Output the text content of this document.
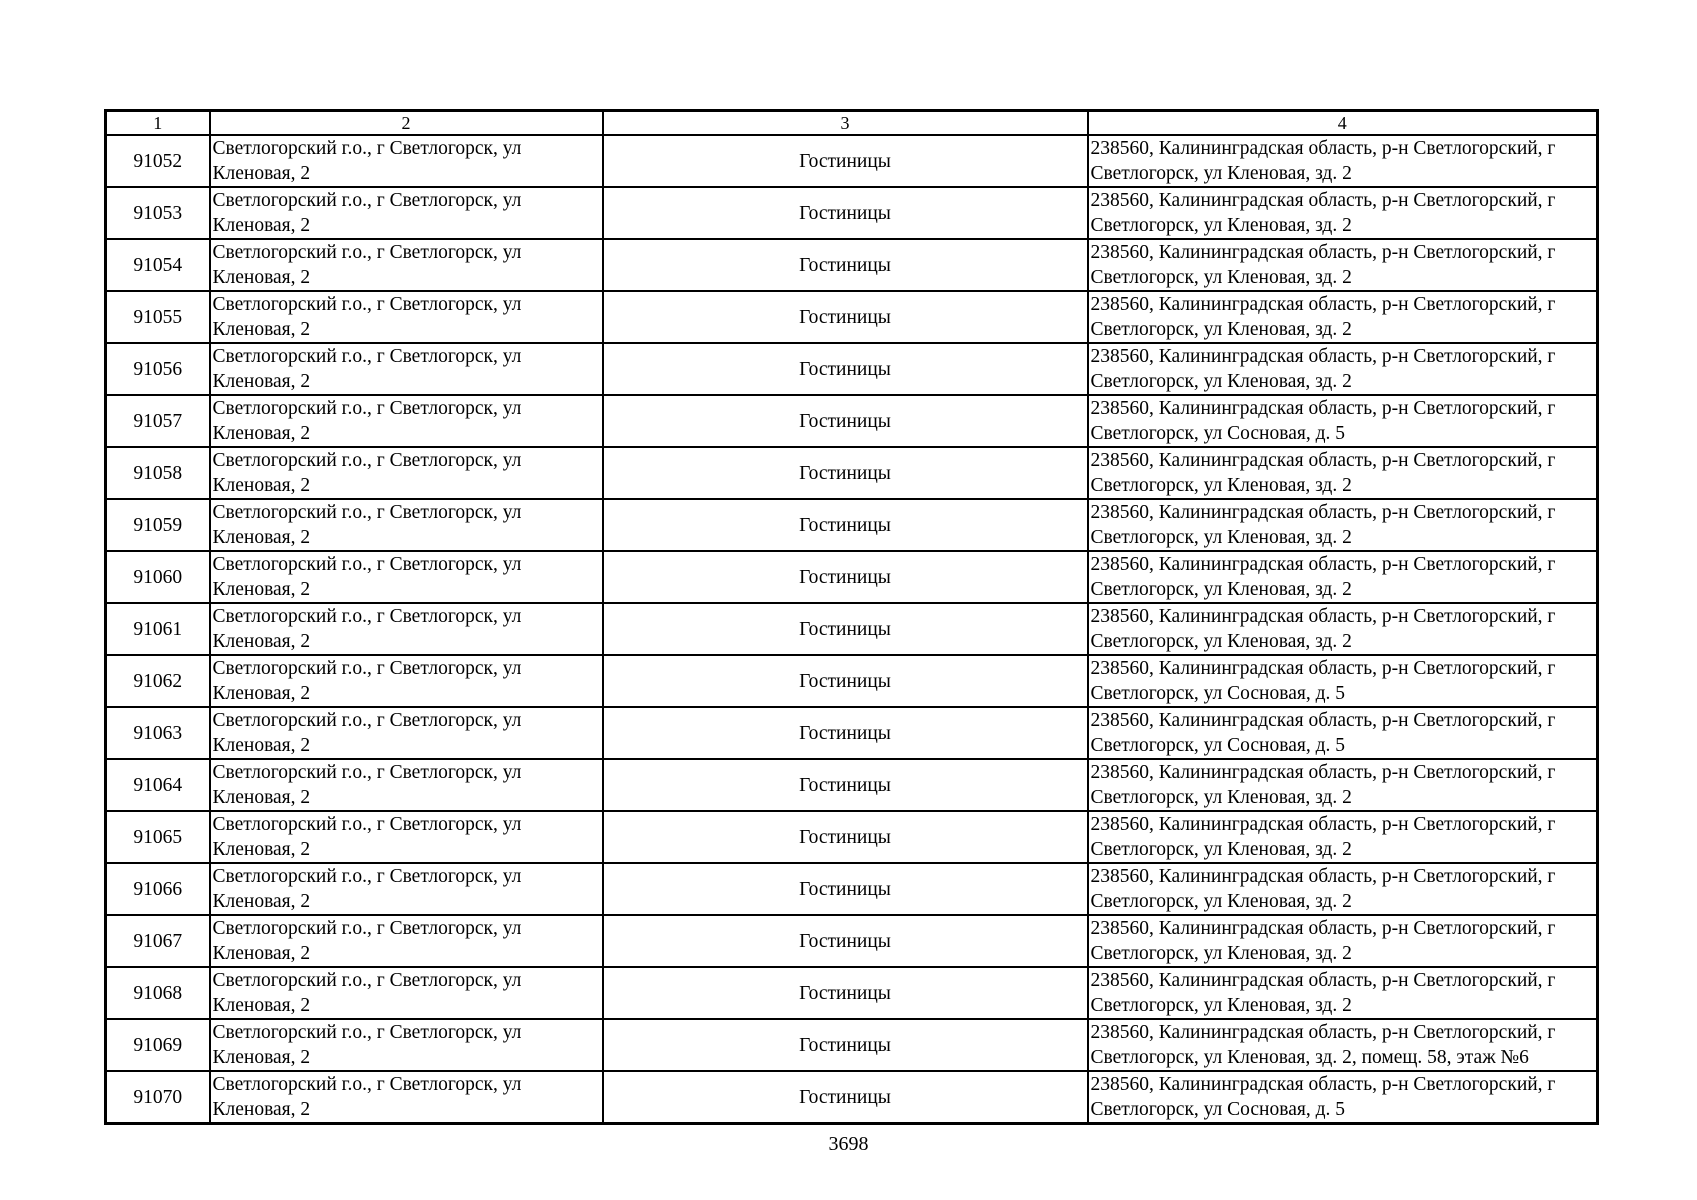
1	2	3	4
91052	Светлогорский г.о., г Светлогорск, ул Кленовая, 2	Гостиницы	238560, Калининградская область, р-н Светлогорский, г Светлогорск, ул Кленовая, зд. 2
91053	Светлогорский г.о., г Светлогорск, ул Кленовая, 2	Гостиницы	238560, Калининградская область, р-н Светлогорский, г Светлогорск, ул Кленовая, зд. 2
91054	Светлогорский г.о., г Светлогорск, ул Кленовая, 2	Гостиницы	238560, Калининградская область, р-н Светлогорский, г Светлогорск, ул Кленовая, зд. 2
91055	Светлогорский г.о., г Светлогорск, ул Кленовая, 2	Гостиницы	238560, Калининградская область, р-н Светлогорский, г Светлогорск, ул Кленовая, зд. 2
91056	Светлогорский г.о., г Светлогорск, ул Кленовая, 2	Гостиницы	238560, Калининградская область, р-н Светлогорский, г Светлогорск, ул Кленовая, зд. 2
91057	Светлогорский г.о., г Светлогорск, ул Кленовая, 2	Гостиницы	238560, Калининградская область, р-н Светлогорский, г Светлогорск, ул Сосновая, д. 5
91058	Светлогорский г.о., г Светлогорск, ул Кленовая, 2	Гостиницы	238560, Калининградская область, р-н Светлогорский, г Светлогорск, ул Кленовая, зд. 2
91059	Светлогорский г.о., г Светлогорск, ул Кленовая, 2	Гостиницы	238560, Калининградская область, р-н Светлогорский, г Светлогорск, ул Кленовая, зд. 2
91060	Светлогорский г.о., г Светлогорск, ул Кленовая, 2	Гостиницы	238560, Калининградская область, р-н Светлогорский, г Светлогорск, ул Кленовая, зд. 2
91061	Светлогорский г.о., г Светлогорск, ул Кленовая, 2	Гостиницы	238560, Калининградская область, р-н Светлогорский, г Светлогорск, ул Кленовая, зд. 2
91062	Светлогорский г.о., г Светлогорск, ул Кленовая, 2	Гостиницы	238560, Калининградская область, р-н Светлогорский, г Светлогорск, ул Сосновая, д. 5
91063	Светлогорский г.о., г Светлогорск, ул Кленовая, 2	Гостиницы	238560, Калининградская область, р-н Светлогорский, г Светлогорск, ул Сосновая, д. 5
91064	Светлогорский г.о., г Светлогорск, ул Кленовая, 2	Гостиницы	238560, Калининградская область, р-н Светлогорский, г Светлогорск, ул Кленовая, зд. 2
91065	Светлогорский г.о., г Светлогорск, ул Кленовая, 2	Гостиницы	238560, Калининградская область, р-н Светлогорский, г Светлогорск, ул Кленовая, зд. 2
91066	Светлогорский г.о., г Светлогорск, ул Кленовая, 2	Гостиницы	238560, Калининградская область, р-н Светлогорский, г Светлогорск, ул Кленовая, зд. 2
91067	Светлогорский г.о., г Светлогорск, ул Кленовая, 2	Гостиницы	238560, Калининградская область, р-н Светлогорский, г Светлогорск, ул Кленовая, зд. 2
91068	Светлогорский г.о., г Светлогорск, ул Кленовая, 2	Гостиницы	238560, Калининградская область, р-н Светлогорский, г Светлогорск, ул Кленовая, зд. 2
91069	Светлогорский г.о., г Светлогорск, ул Кленовая, 2	Гостиницы	238560, Калининградская область, р-н Светлогорский, г Светлогорск, ул Кленовая, зд. 2, помещ. 58, этаж №6
91070	Светлогорский г.о., г Светлогорск, ул Кленовая, 2	Гостиницы	238560, Калининградская область, р-н Светлогорский, г Светлогорск, ул Сосновая, д. 5
3698
